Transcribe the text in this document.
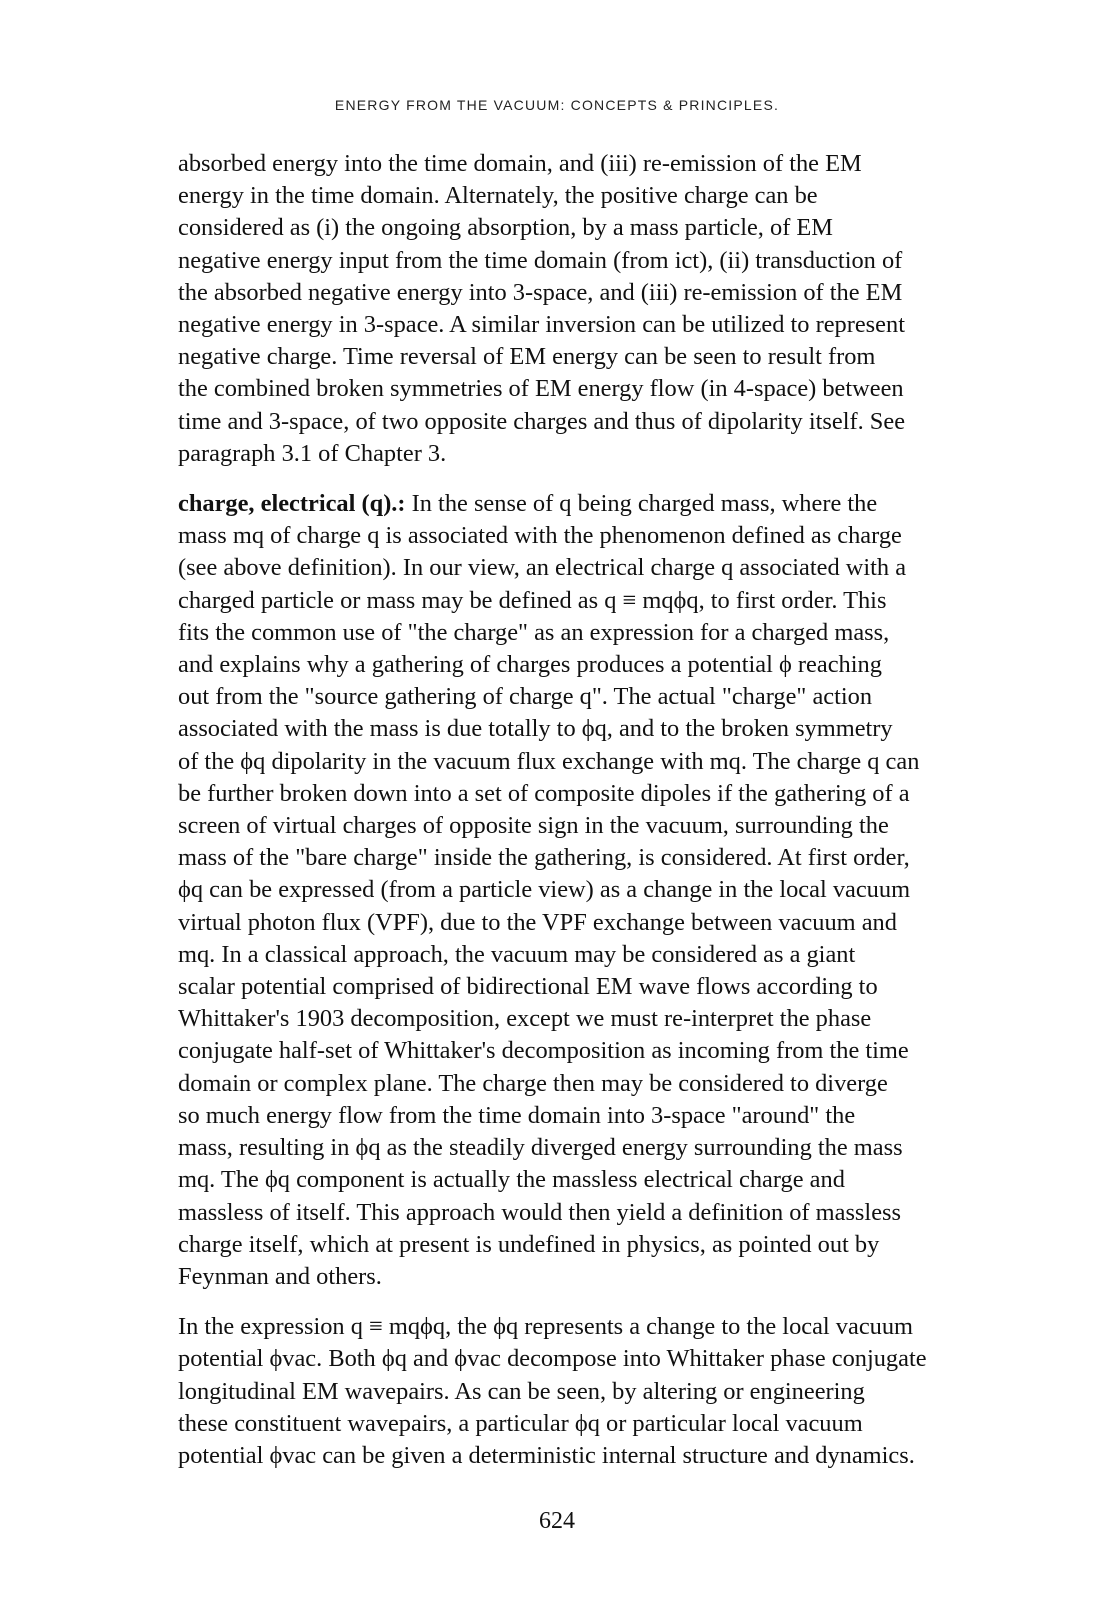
ENERGY FROM THE VACUUM: CONCEPTS & PRINCIPLES.
absorbed energy into the time domain, and (iii) re-emission of the EM
energy in the time domain. Alternately, the positive charge can be
considered as (i) the ongoing absorption, by a mass particle, of EM
negative energy input from the time domain (from ict), (ii) transduction of
the absorbed negative energy into 3-space, and (iii) re-emission of the EM
negative energy in 3-space. A similar inversion can be utilized to represent
negative charge. Time reversal of EM energy can be seen to result from
the combined broken symmetries of EM energy flow (in 4-space) between
time and 3-space, of two opposite charges and thus of dipolarity itself. See
paragraph 3.1 of Chapter 3.
charge, electrical (q).: In the sense of q being charged mass, where the
mass mq of charge q is associated with the phenomenon defined as charge
(see above definition). In our view, an electrical charge q associated with a
charged particle or mass may be defined as q ≡ mqϕq, to first order. This
fits the common use of "the charge" as an expression for a charged mass,
and explains why a gathering of charges produces a potential ϕ reaching
out from the "source gathering of charge q". The actual "charge" action
associated with the mass is due totally to ϕq, and to the broken symmetry
of the ϕq dipolarity in the vacuum flux exchange with mq. The charge q can
be further broken down into a set of composite dipoles if the gathering of a
screen of virtual charges of opposite sign in the vacuum, surrounding the
mass of the "bare charge" inside the gathering, is considered. At first order,
ϕq can be expressed (from a particle view) as a change in the local vacuum
virtual photon flux (VPF), due to the VPF exchange between vacuum and
mq. In a classical approach, the vacuum may be considered as a giant
scalar potential comprised of bidirectional EM wave flows according to
Whittaker's 1903 decomposition, except we must re-interpret the phase
conjugate half-set of Whittaker's decomposition as incoming from the time
domain or complex plane. The charge then may be considered to diverge
so much energy flow from the time domain into 3-space "around" the
mass, resulting in ϕq as the steadily diverged energy surrounding the mass
mq. The ϕq component is actually the massless electrical charge and
massless of itself. This approach would then yield a definition of massless
charge itself, which at present is undefined in physics, as pointed out by
Feynman and others.
In the expression q ≡ mqϕq, the ϕq represents a change to the local vacuum
potential ϕvac. Both ϕq and ϕvac decompose into Whittaker phase conjugate
longitudinal EM wavepairs. As can be seen, by altering or engineering
these constituent wavepairs, a particular ϕq or particular local vacuum
potential ϕvac can be given a deterministic internal structure and dynamics.
624
